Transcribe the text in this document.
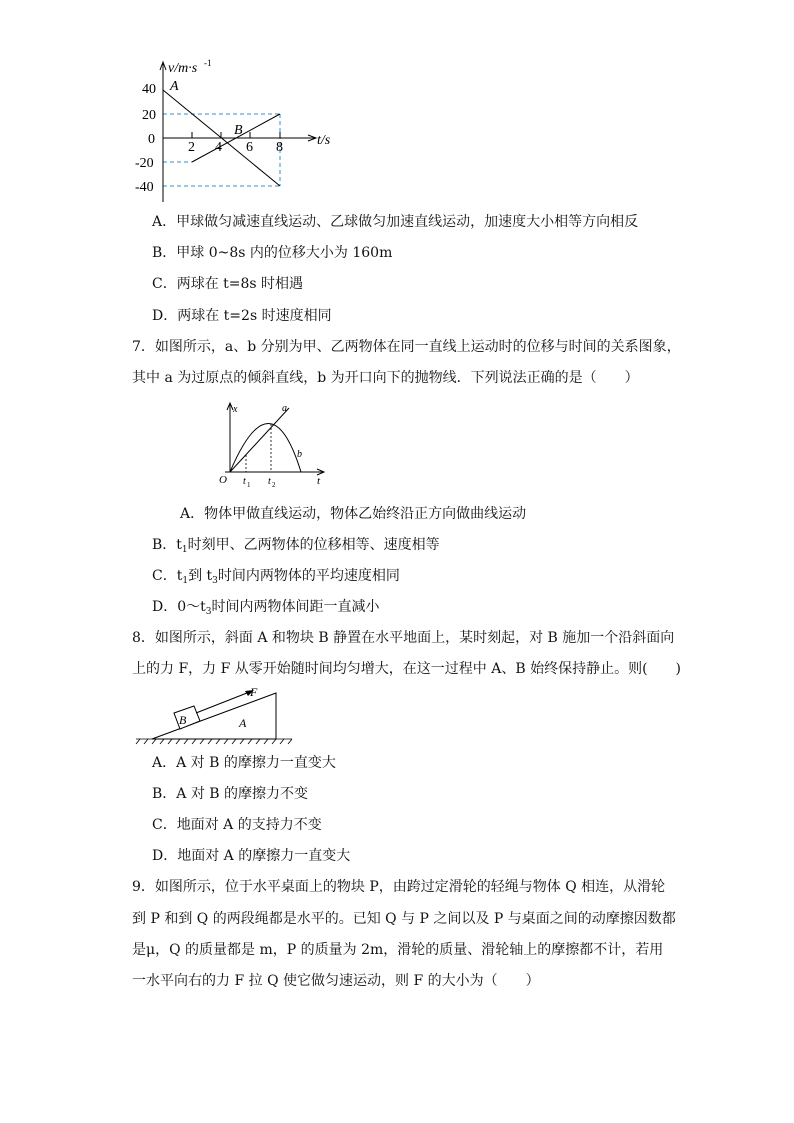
v/m·s -1
t/s
40
20
0
-20
-40
2 4 6 8
A
B
A．甲球做匀减速直线运动、乙球做匀加速直线运动，加速度大小相等方向相反
B．甲球 0~8s 内的位移大小为 160m
C．两球在 t=8s 时相遇
D．两球在 t=2s 时速度相同
7．如图所示，a、b 分别为甲、乙两物体在同一直线上运动时的位移与时间的关系图象，
其中 a 为过原点的倾斜直线，b 为开口向下的抛物线．下列说法正确的是（　　）
x
t
O
a
b
t 1 t 2
A．物体甲做直线运动，物体乙始终沿正方向做曲线运动
B．$t_1$时刻甲、乙两物体的位移相等、速度相等
C．$t_1$到 $t_3$时间内两物体的平均速度相同
D．$0\sim t_3$时间内两物体间距一直减小
8．如图所示，斜面 A 和物块 B 静置在水平地面上，某时刻起，对 B 施加一个沿斜面向
上的力 F，力 F 从零开始随时间均匀增大，在这一过程中 A、B 始终保持静止。则(　　)
B	A
F
A．A 对 B 的摩擦力一直变大
B．A 对 B 的摩擦力不变
C．地面对 A 的支持力不变
D．地面对 A 的摩擦力一直变大
9．如图所示，位于水平桌面上的物块 P，由跨过定滑轮的轻绳与物体 Q 相连，从滑轮
到 P 和到 Q 的两段绳都是水平的。已知 Q 与 P 之间以及 P 与桌面之间的动摩擦因数都
是μ，Q 的质量都是 m，P 的质量为 2m，滑轮的质量、滑轮轴上的摩擦都不计，若用
一水平向右的力 F 拉 Q 使它做匀速运动，则 F 的大小为（　　）
